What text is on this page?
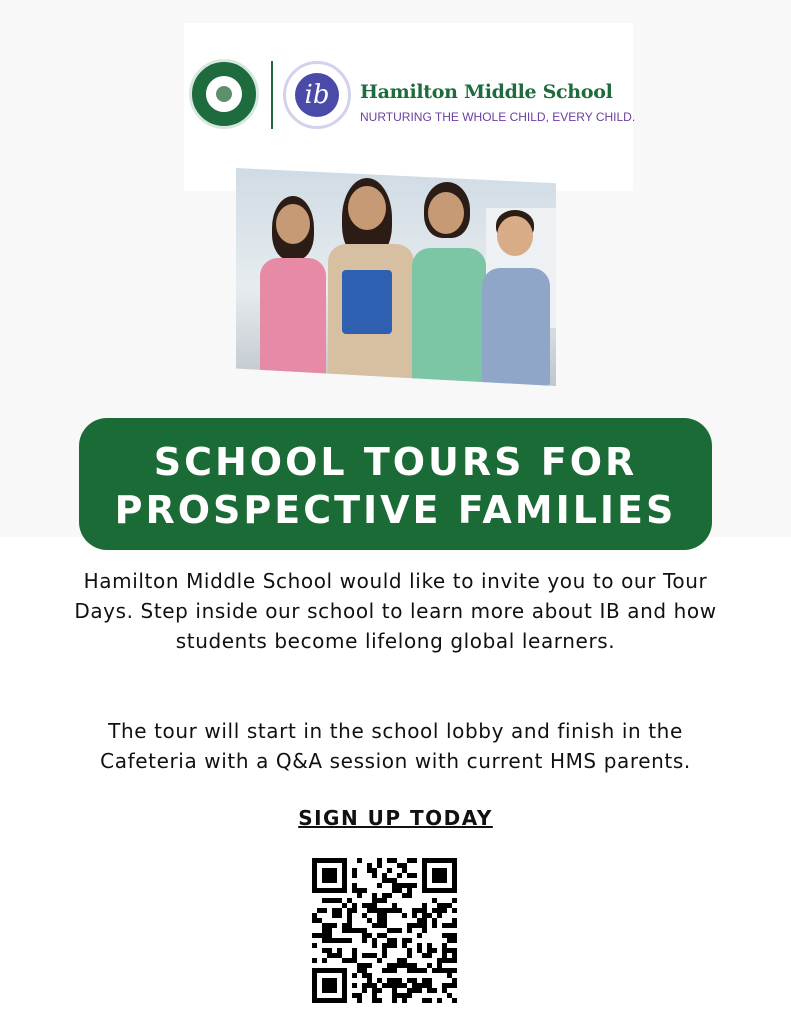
ib	Hamilton Middle School
NURTURING THE WHOLE CHILD, EVERY CHILD.
SCHOOL TOURS FOR
PROSPECTIVE FAMILIES

Hamilton Middle School would like to invite you to our Tour Days. Step inside our school to learn more about IB and how students become lifelong global learners.

The tour will start in the school lobby and finish in the Cafeteria with a Q&A session with current HMS parents.

SIGN UP TODAY
